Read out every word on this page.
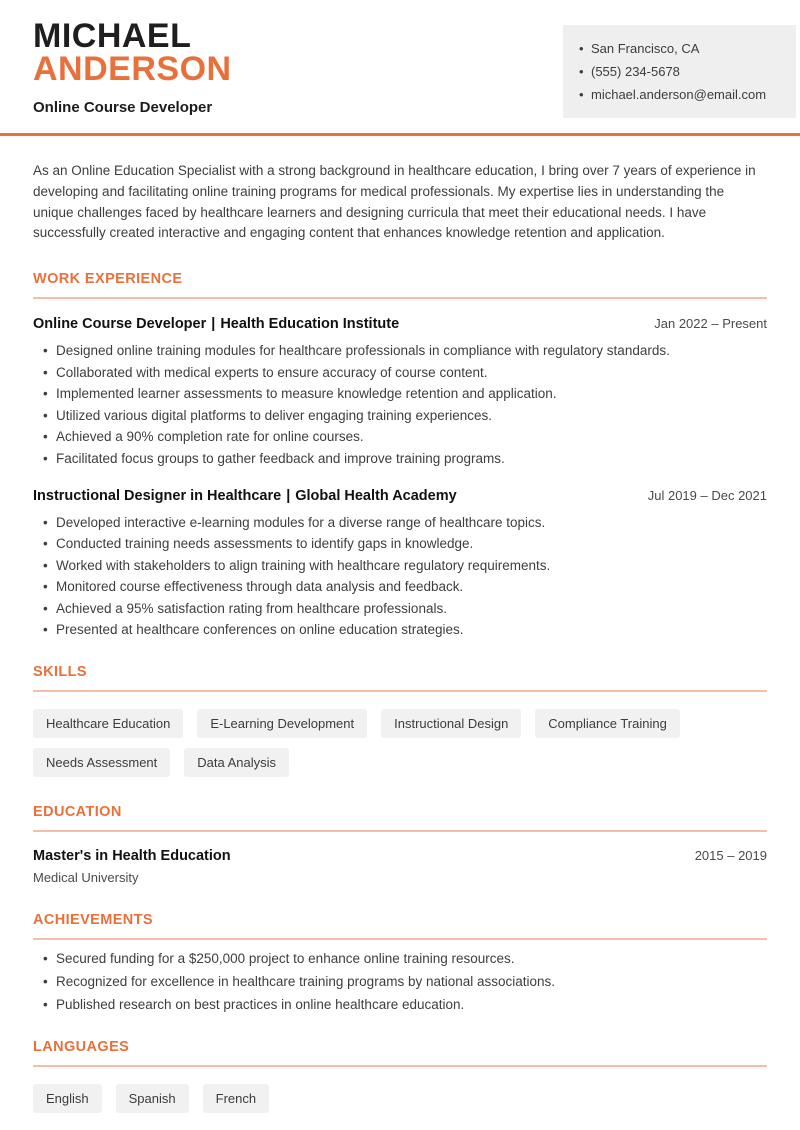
MICHAEL
ANDERSON
Online Course Developer
• San Francisco, CA
• (555) 234-5678
• michael.anderson@email.com

As an Online Education Specialist with a strong background in healthcare education, I bring over 7 years of experience in developing and facilitating online training programs for medical professionals. My expertise lies in understanding the unique challenges faced by healthcare learners and designing curricula that meet their educational needs. I have successfully created interactive and engaging content that enhances knowledge retention and application.

WORK EXPERIENCE
Online Course Developer | Health Education Institute	Jan 2022 – Present
• Designed online training modules for healthcare professionals in compliance with regulatory standards.
• Collaborated with medical experts to ensure accuracy of course content.
• Implemented learner assessments to measure knowledge retention and application.
• Utilized various digital platforms to deliver engaging training experiences.
• Achieved a 90% completion rate for online courses.
• Facilitated focus groups to gather feedback and improve training programs.
Instructional Designer in Healthcare | Global Health Academy	Jul 2019 – Dec 2021
• Developed interactive e-learning modules for a diverse range of healthcare topics.
• Conducted training needs assessments to identify gaps in knowledge.
• Worked with stakeholders to align training with healthcare regulatory requirements.
• Monitored course effectiveness through data analysis and feedback.
• Achieved a 95% satisfaction rating from healthcare professionals.
• Presented at healthcare conferences on online education strategies.
SKILLS
Healthcare Education	E-Learning Development	Instructional Design	Compliance Training
Needs Assessment	Data Analysis
EDUCATION
Master's in Health Education	2015 – 2019
Medical University
ACHIEVEMENTS
• Secured funding for a $250,000 project to enhance online training resources.
• Recognized for excellence in healthcare training programs by national associations.
• Published research on best practices in online healthcare education.
LANGUAGES
English	Spanish	French
